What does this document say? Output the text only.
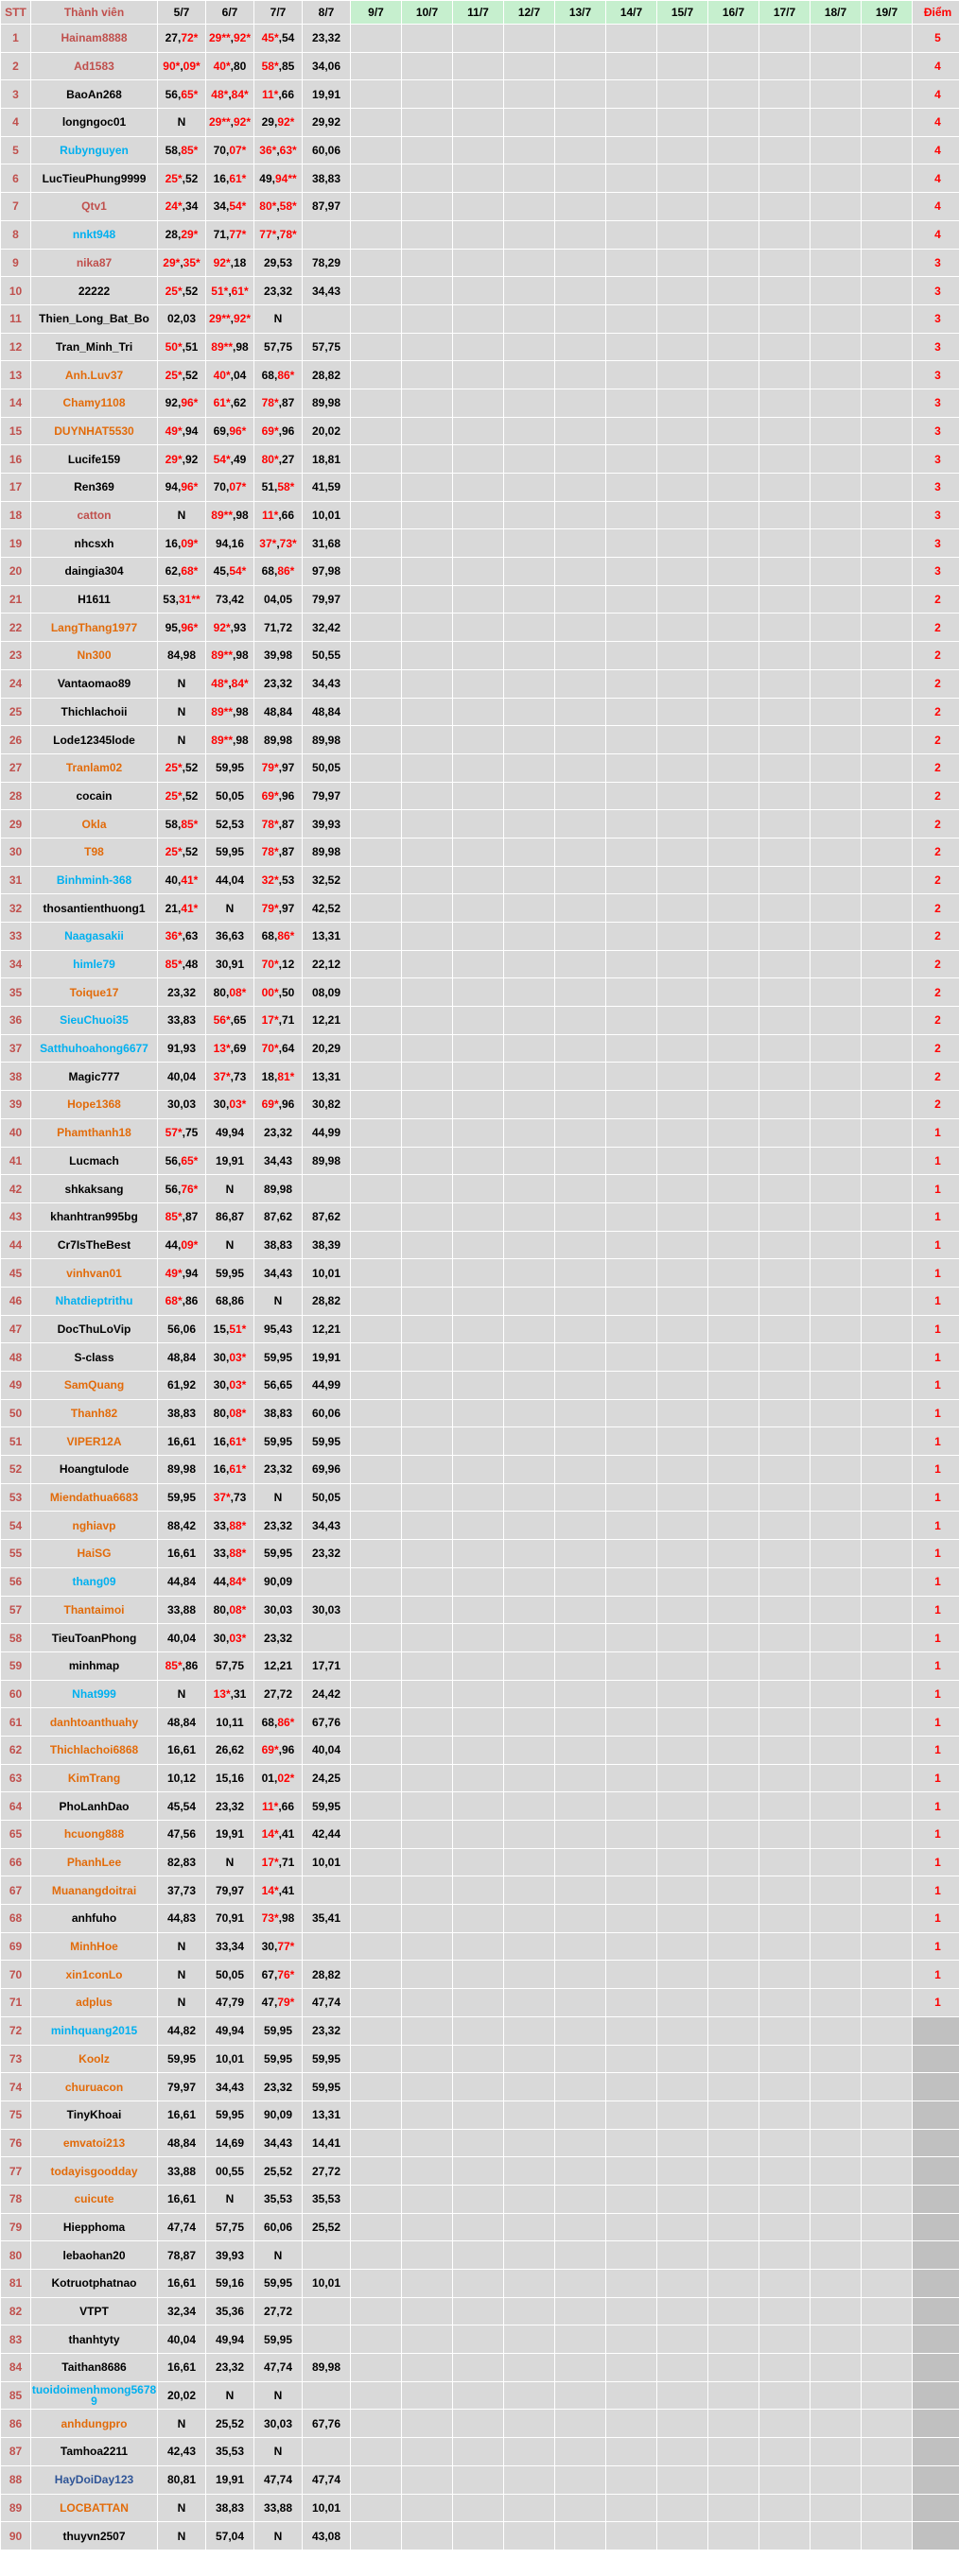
STT	Thành viên	5/7	6/7	7/7	8/7	9/7	10/7	11/7	12/7	13/7	14/7	15/7	16/7	17/7	18/7	19/7	Điểm
1	Hainam8888	27,72*	29**,92*	45*,54	23,32												5
2	Ad1583	90*,09*	40*,80	58*,85	34,06												4
3	BaoAn268	56,65*	48*,84*	11*,66	19,91												4
4	longngoc01	N	29**,92*	29,92*	29,92												4
5	Rubynguyen	58,85*	70,07*	36*,63*	60,06												4
6	LucTieuPhung9999	25*,52	16,61*	49,94**	38,83												4
7	Qtv1	24*,34	34,54*	80*,58*	87,97												4
8	nnkt948	28,29*	71,77*	77*,78*													4
9	nika87	29*,35*	92*,18	29,53	78,29												3
10	22222	25*,52	51*,61*	23,32	34,43												3
11	Thien_Long_Bat_Bo	02,03	29**,92*	N													3
12	Tran_Minh_Tri	50*,51	89**,98	57,75	57,75												3
13	Anh.Luv37	25*,52	40*,04	68,86*	28,82												3
14	Chamy1108	92,96*	61*,62	78*,87	89,98												3
15	DUYNHAT5530	49*,94	69,96*	69*,96	20,02												3
16	Lucife159	29*,92	54*,49	80*,27	18,81												3
17	Ren369	94,96*	70,07*	51,58*	41,59												3
18	catton	N	89**,98	11*,66	10,01												3
19	nhcsxh	16,09*	94,16	37*,73*	31,68												3
20	daingia304	62,68*	45,54*	68,86*	97,98												3
21	H1611	53,31**	73,42	04,05	79,97												2
22	LangThang1977	95,96*	92*,93	71,72	32,42												2
23	Nn300	84,98	89**,98	39,98	50,55												2
24	Vantaomao89	N	48*,84*	23,32	34,43												2
25	Thichlachoii	N	89**,98	48,84	48,84												2
26	Lode12345lode	N	89**,98	89,98	89,98												2
27	Tranlam02	25*,52	59,95	79*,97	50,05												2
28	cocain	25*,52	50,05	69*,96	79,97												2
29	Okla	58,85*	52,53	78*,87	39,93												2
30	T98	25*,52	59,95	78*,87	89,98												2
31	Binhminh-368	40,41*	44,04	32*,53	32,52												2
32	thosantienthuong1	21,41*	N	79*,97	42,52												2
33	Naagasakii	36*,63	36,63	68,86*	13,31												2
34	himle79	85*,48	30,91	70*,12	22,12												2
35	Toique17	23,32	80,08*	00*,50	08,09												2
36	SieuChuoi35	33,83	56*,65	17*,71	12,21												2
37	Satthuhoahong6677	91,93	13*,69	70*,64	20,29												2
38	Magic777	40,04	37*,73	18,81*	13,31												2
39	Hope1368	30,03	30,03*	69*,96	30,82												2
40	Phamthanh18	57*,75	49,94	23,32	44,99												1
41	Lucmach	56,65*	19,91	34,43	89,98												1
42	shkaksang	56,76*	N	89,98													1
43	khanhtran995bg	85*,87	86,87	87,62	87,62												1
44	Cr7IsTheBest	44,09*	N	38,83	38,39												1
45	vinhvan01	49*,94	59,95	34,43	10,01												1
46	Nhatdieptrithu	68*,86	68,86	N	28,82												1
47	DocThuLoVip	56,06	15,51*	95,43	12,21												1
48	S-class	48,84	30,03*	59,95	19,91												1
49	SamQuang	61,92	30,03*	56,65	44,99												1
50	Thanh82	38,83	80,08*	38,83	60,06												1
51	VIPER12A	16,61	16,61*	59,95	59,95												1
52	Hoangtulode	89,98	16,61*	23,32	69,96												1
53	Miendathua6683	59,95	37*,73	N	50,05												1
54	nghiavp	88,42	33,88*	23,32	34,43												1
55	HaiSG	16,61	33,88*	59,95	23,32												1
56	thang09	44,84	44,84*	90,09													1
57	Thantaimoi	33,88	80,08*	30,03	30,03												1
58	TieuToanPhong	40,04	30,03*	23,32													1
59	minhmap	85*,86	57,75	12,21	17,71												1
60	Nhat999	N	13*,31	27,72	24,42												1
61	danhtoanthuahy	48,84	10,11	68,86*	67,76												1
62	Thichlachoi6868	16,61	26,62	69*,96	40,04												1
63	KimTrang	10,12	15,16	01,02*	24,25												1
64	PhoLanhDao	45,54	23,32	11*,66	59,95												1
65	hcuong888	47,56	19,91	14*,41	42,44												1
66	PhanhLee	82,83	N	17*,71	10,01												1
67	Muanangdoitrai	37,73	79,97	14*,41													1
68	anhfuho	44,83	70,91	73*,98	35,41												1
69	MinhHoe	N	33,34	30,77*													1
70	xin1conLo	N	50,05	67,76*	28,82												1
71	adplus	N	47,79	47,79*	47,74												1
72	minhquang2015	44,82	49,94	59,95	23,32												
73	Koolz	59,95	10,01	59,95	59,95												
74	churuacon	79,97	34,43	23,32	59,95												
75	TinyKhoai	16,61	59,95	90,09	13,31												
76	emvatoi213	48,84	14,69	34,43	14,41												
77	todayisgoodday	33,88	00,55	25,52	27,72												
78	cuicute	16,61	N	35,53	35,53												
79	Hiepphoma	47,74	57,75	60,06	25,52												
80	lebaohan20	78,87	39,93	N													
81	Kotruotphatnao	16,61	59,16	59,95	10,01												
82	VTPT	32,34	35,36	27,72													
83	thanhtyty	40,04	49,94	59,95													
84	Taithan8686	16,61	23,32	47,74	89,98												
85	tuoidoimenhmong56789	20,02	N	N													
86	anhdungpro	N	25,52	30,03	67,76												
87	Tamhoa2211	42,43	35,53	N													
88	HayDoiDay123	80,81	19,91	47,74	47,74												
89	LOCBATTAN	N	38,83	33,88	10,01												
90	thuyvn2507	N	57,04	N	43,08												
